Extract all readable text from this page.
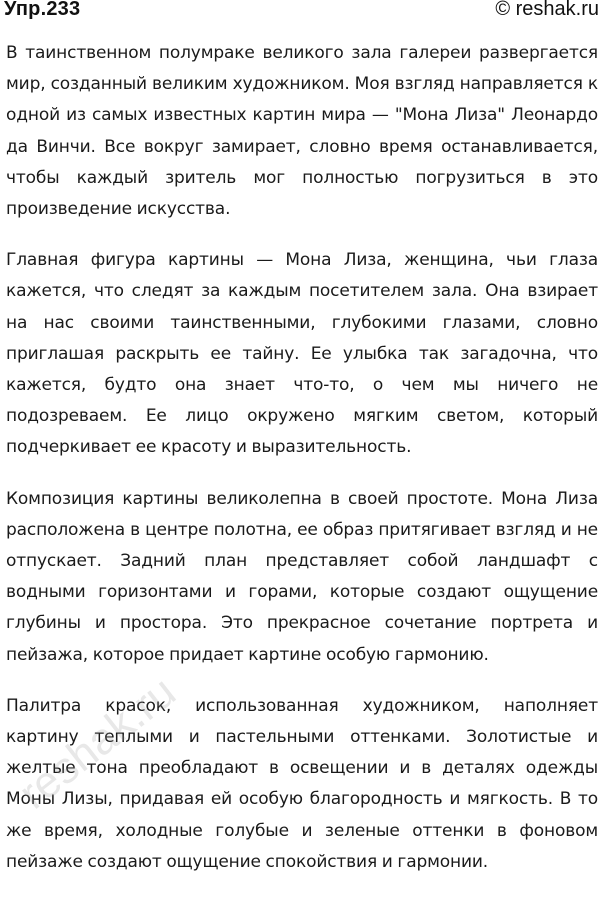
Упр.233	© reshak.ru

В таинственном полумраке великого зала галереи развергается мир, созданный великим художником. Моя взгляд направляется к одной из самых известных картин мира — "Мона Лиза" Леонардо да Винчи. Все вокруг замирает, словно время останавливается, чтобы каждый зритель мог полностью погрузиться в это произведение искусства.

Главная фигура картины — Мона Лиза, женщина, чьи глаза кажется, что следят за каждым посетителем зала. Она взирает на нас своими таинственными, глубокими глазами, словно приглашая раскрыть ее тайну. Ее улыбка так загадочна, что кажется, будто она знает что-то, о чем мы ничего не подозреваем. Ее лицо окружено мягким светом, который подчеркивает ее красоту и выразительность.

Композиция картины великолепна в своей простоте. Мона Лиза расположена в центре полотна, ее образ притягивает взгляд и не отпускает. Задний план представляет собой ландшафт с водными горизонтами и горами, которые создают ощущение глубины и простора. Это прекрасное сочетание портрета и пейзажа, которое придает картине особую гармонию.

Палитра красок, использованная художником, наполняет картину теплыми и пастельными оттенками. Золотистые и желтые тона преобладают в освещении и в деталях одежды Моны Лизы, придавая ей особую благородность и мягкость. В то же время, холодные голубые и зеленые оттенки в фоновом пейзаже создают ощущение спокойствия и гармонии.

reshak.ru
